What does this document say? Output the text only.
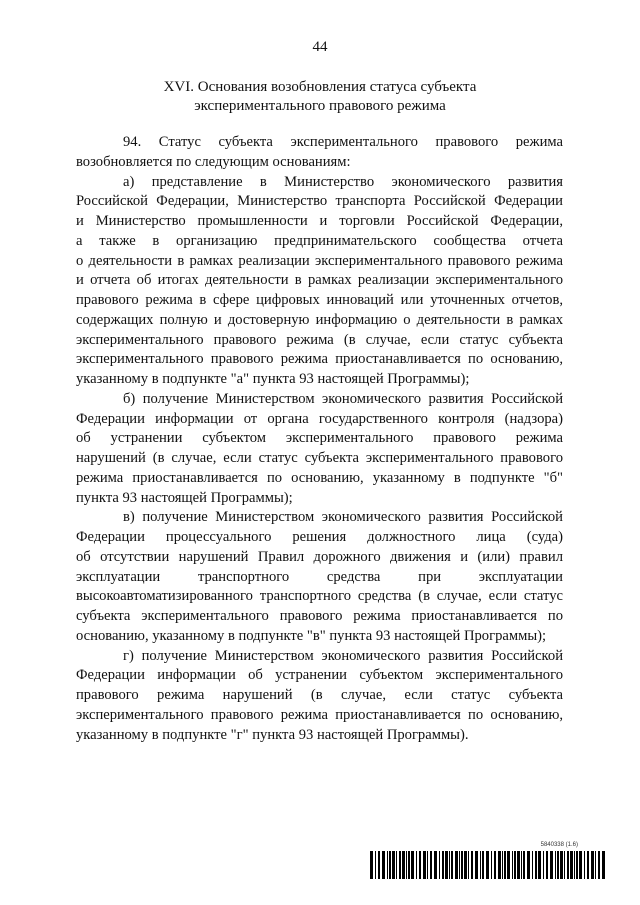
44
XVI. Основания возобновления статуса субъекта
экспериментального правового режима
94. Статус субъекта экспериментального правового режима
возобновляется по следующим основаниям:
а) представление в Министерство экономического развития
Российской Федерации, Министерство транспорта Российской Федерации
и Министерство промышленности и торговли Российской Федерации,
а также в организацию предпринимательского сообщества отчета
о деятельности в рамках реализации экспериментального правового режима
и отчета об итогах деятельности в рамках реализации экспериментального
правового режима в сфере цифровых инноваций или уточненных отчетов,
содержащих полную и достоверную информацию о деятельности в рамках
экспериментального правового режима (в случае, если статус субъекта
экспериментального правового режима приостанавливается по основанию,
указанному в подпункте "а" пункта 93 настоящей Программы);
б) получение Министерством экономического развития Российской
Федерации информации от органа государственного контроля (надзора)
об устранении субъектом экспериментального правового режима
нарушений (в случае, если статус субъекта экспериментального правового
режима приостанавливается по основанию, указанному в подпункте "б"
пункта 93 настоящей Программы);
в) получение Министерством экономического развития Российской
Федерации процессуального решения должностного лица (суда)
об отсутствии нарушений Правил дорожного движения и (или) правил
эксплуатации транспортного средства при эксплуатации
высокоавтоматизированного транспортного средства (в случае, если статус
субъекта экспериментального правового режима приостанавливается по
основанию, указанному в подпункте "в" пункта 93 настоящей Программы);
г) получение Министерством экономического развития Российской
Федерации информации об устранении субъектом экспериментального
правового режима нарушений (в случае, если статус субъекта
экспериментального правового режима приостанавливается по основанию,
указанному в подпункте "г" пункта 93 настоящей Программы).
5840338 (1.6)
